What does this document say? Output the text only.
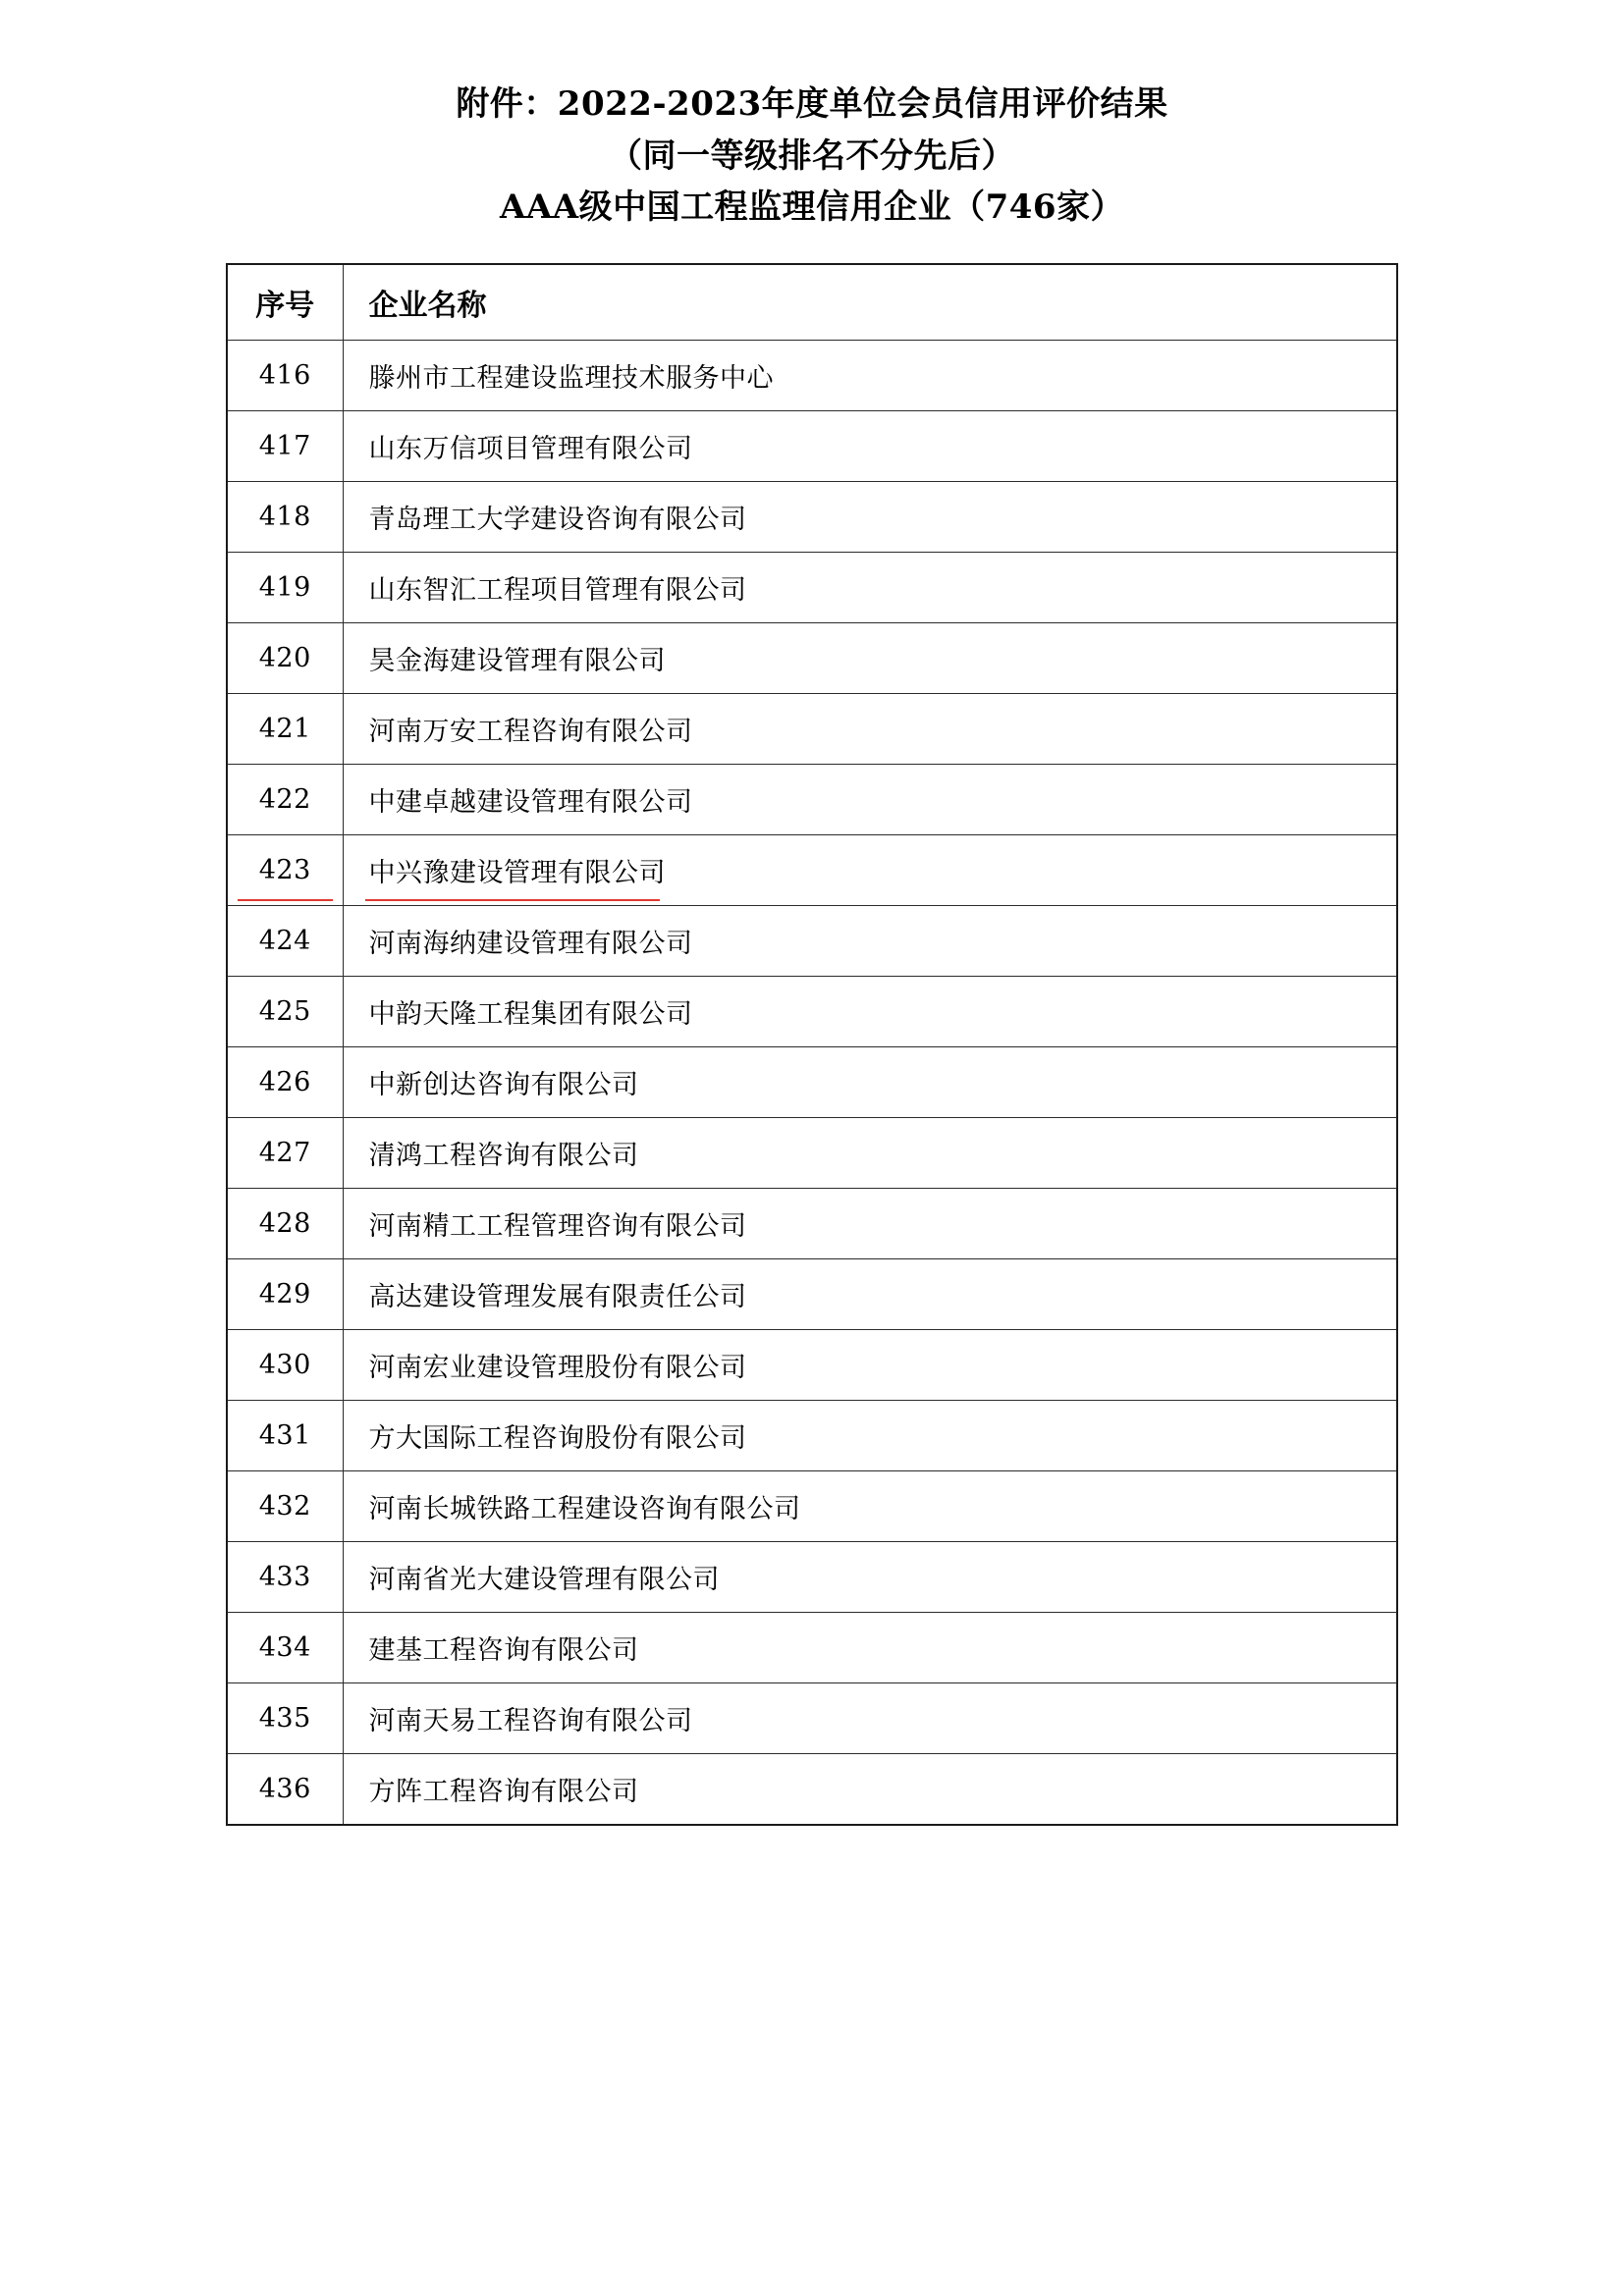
附件：2022-2023年度单位会员信用评价结果
（同一等级排名不分先后）
AAA级中国工程监理信用企业（746家）
序号	企业名称

416	滕州市工程建设监理技术服务中心

417	山东万信项目管理有限公司

418	青岛理工大学建设咨询有限公司

419	山东智汇工程项目管理有限公司

420	昊金海建设管理有限公司

421	河南万安工程咨询有限公司

422	中建卓越建设管理有限公司

423	中兴豫建设管理有限公司

424	河南海纳建设管理有限公司

425	中韵天隆工程集团有限公司

426	中新创达咨询有限公司

427	清鸿工程咨询有限公司

428	河南精工工程管理咨询有限公司

429	高达建设管理发展有限责任公司

430	河南宏业建设管理股份有限公司

431	方大国际工程咨询股份有限公司

432	河南长城铁路工程建设咨询有限公司

433	河南省光大建设管理有限公司

434	建基工程咨询有限公司

435	河南天易工程咨询有限公司

436	方阵工程咨询有限公司
